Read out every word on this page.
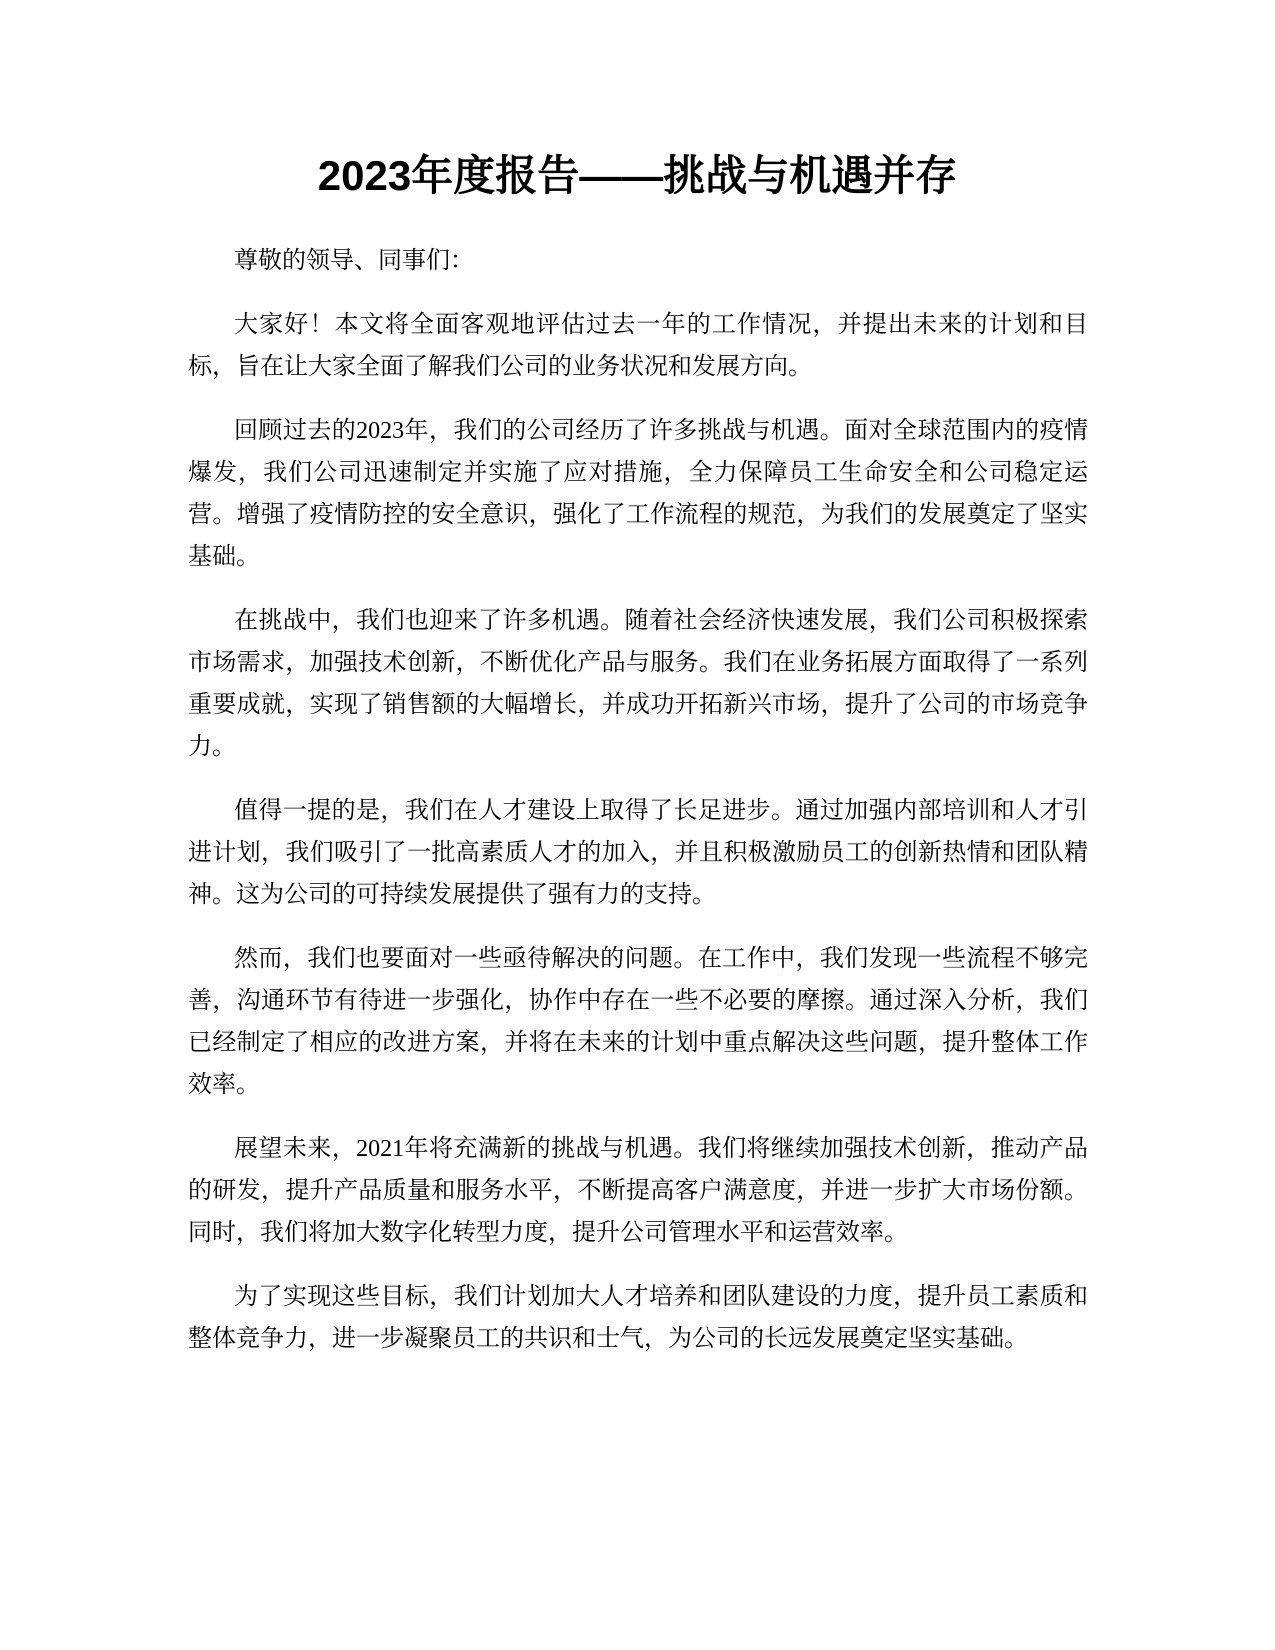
2023年度报告——挑战与机遇并存

尊敬的领导、同事们：

大家好！本文将全面客观地评估过去一年的工作情况，并提出未来的计划和目标，旨在让大家全面了解我们公司的业务状况和发展方向。

回顾过去的2023年，我们的公司经历了许多挑战与机遇。面对全球范围内的疫情爆发，我们公司迅速制定并实施了应对措施，全力保障员工生命安全和公司稳定运营。增强了疫情防控的安全意识，强化了工作流程的规范，为我们的发展奠定了坚实基础。

在挑战中，我们也迎来了许多机遇。随着社会经济快速发展，我们公司积极探索市场需求，加强技术创新，不断优化产品与服务。我们在业务拓展方面取得了一系列重要成就，实现了销售额的大幅增长，并成功开拓新兴市场，提升了公司的市场竞争力。

值得一提的是，我们在人才建设上取得了长足进步。通过加强内部培训和人才引进计划，我们吸引了一批高素质人才的加入，并且积极激励员工的创新热情和团队精神。这为公司的可持续发展提供了强有力的支持。

然而，我们也要面对一些亟待解决的问题。在工作中，我们发现一些流程不够完善，沟通环节有待进一步强化，协作中存在一些不必要的摩擦。通过深入分析，我们已经制定了相应的改进方案，并将在未来的计划中重点解决这些问题，提升整体工作效率。

展望未来，2021年将充满新的挑战与机遇。我们将继续加强技术创新，推动产品的研发，提升产品质量和服务水平，不断提高客户满意度，并进一步扩大市场份额。同时，我们将加大数字化转型力度，提升公司管理水平和运营效率。

为了实现这些目标，我们计划加大人才培养和团队建设的力度，提升员工素质和整体竞争力，进一步凝聚员工的共识和士气，为公司的长远发展奠定坚实基础。
